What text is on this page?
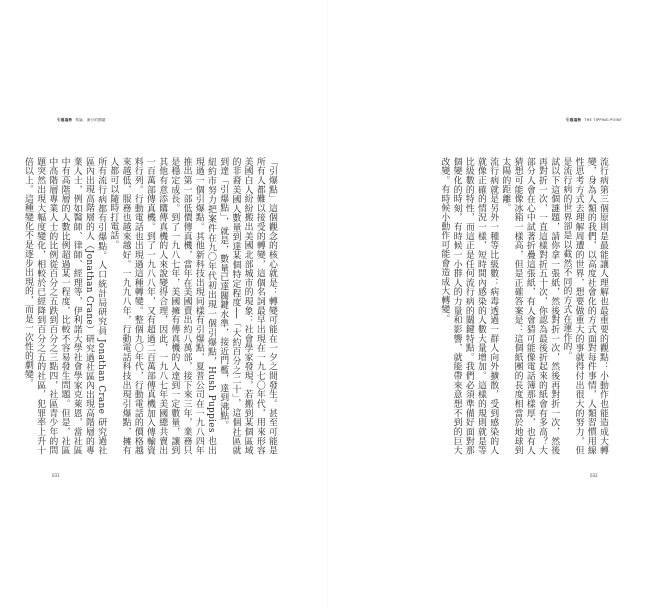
引爆趨勢 導論：流行的開端

「引爆點」這個觀念的核心就是：轉變可能在一夕之間發生。甚至可能是所有人都難以接受的轉變，這個名詞最早出現在一九七〇年代，用來形容美國白人紛紛搬出美國北部城市的現象：社會學家發現，若搬到某個區域的非裔美國人數量到達某個特定程度──「大約百分之二十」，這個社區就到達「引爆點」，就是，數量已達關鍵水準，接近門檻，達到沸點。

紐約市努力把案件在九〇年代初出現一個引爆點，Hush Puppies 也出現過一個引爆點。其他新科技出現同樣有引爆點，夏普公司在一九八四年推出第一部低價傳真機，當年在美國賣出約八萬部，接下來三年，業務只是穩定成長。到了一九八七年，美國擁有傳真機的人達到一定數量，讓到其他有意添購傳真機的人來說變得合理，因此，一九八七年美國總共賣出一百萬部傳真機。到了一九八八年，又有超過二百萬部傳真機加入傳輸資料行列。行動電話也出現過這種轉變。整個九〇年代，行動電話的價格越來越低，服務也越來越好。一九九八年，行動電話科技出現引爆點，擁有人都可以隨時打電話。

所有流行病都有引爆點。人口統計局研究員 Jonathan Crane 研究過社區內出現高階層的人（Jonathan Crane）研究過社區內出現高階層的專業人士，例如醫師、律師、經理等，伊利諾大學社會學家克萊恩，當社區中有高階層的人數比例超過某一程度，比較不容易發生問題。但是，社區中高階層專業人士的比例從百分之五跌到百分之三點四，社區青少年的問題突然出現大幅度變化，相較於已經降到百分之五的社區，犯罪率上升十倍以上。這種變化不是逐步出現的，而是一次性的劇變。

031
引爆趨勢 THE TIPPING POINT

流行病第三個原則是最能讓人理解也最重要的觀點：小動作也能造成大轉變，身為人類的我們，以高度社會化的方式面對每件事情，人類習慣用線性思考方式去理解周遭的世界，想要做重大的事就得付出很大的努力，但是流行病的世界卻是以截然不同的方式在運作的。

試以下這個謎題，請你拿一張紙，然後對折一次，然後再對折一次，然後再對折一次，一直這樣對折五十次，你認為最後折起來的紙會有多高？大部分人會在心中試著折疊這張紙，有人會猜可能像電話簿那樣厚，也有人猜想可能像冰箱一樣高，但是正確答案是：這個紙團的長度相當於地球到太陽的距離。

流行病就是另外一種等比級數：病毒透過一群人向外擴散，受到感染的人就像正確的情況一樣，短時間內感染的人數大量增加。這樣的規則就是等比級數的特性，而這正是任何流行病的關鍵特點。我們必須準備好面對那個變化的時刻，有時候一小群人的力量和影響，就能帶來意想不到的巨大改變。有時候小動作可能會造成大轉變。

032
